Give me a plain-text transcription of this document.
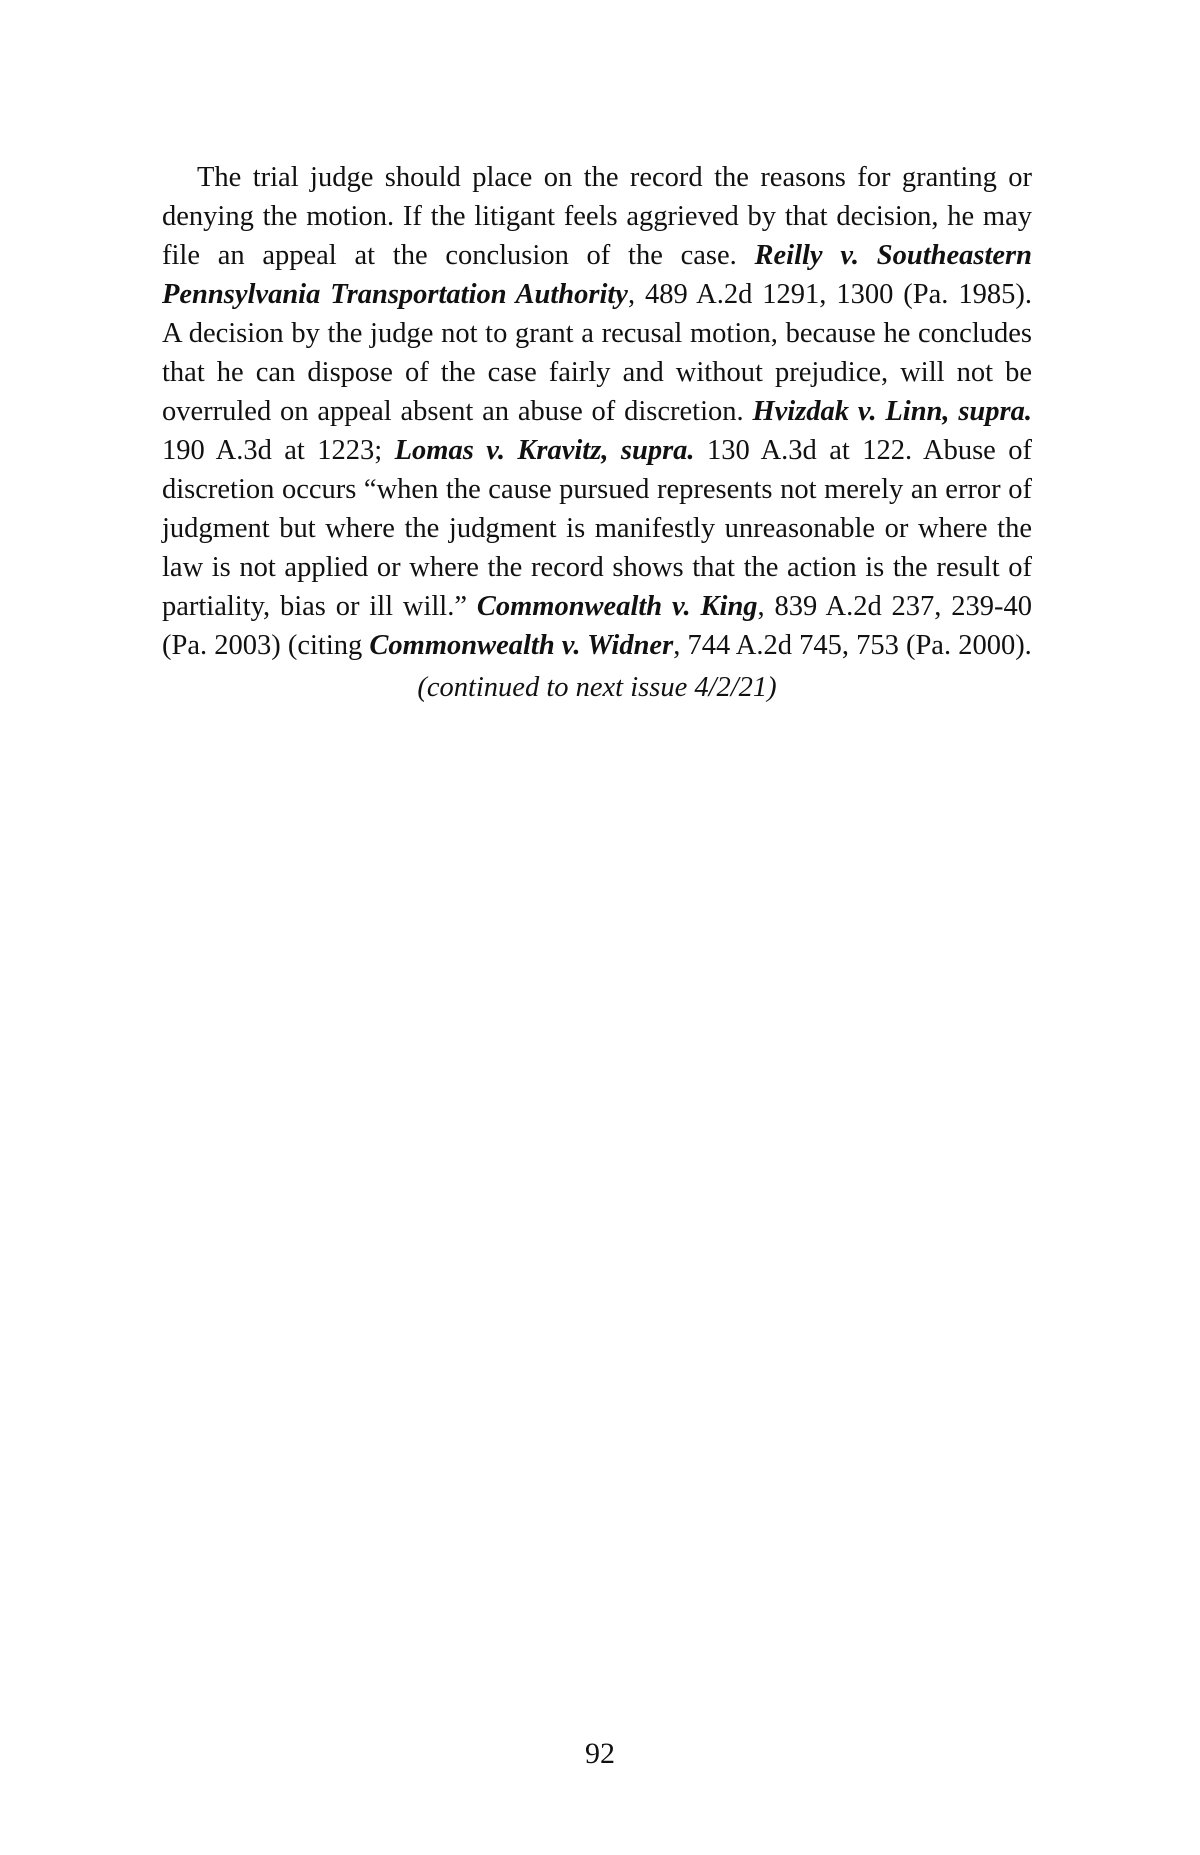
The trial judge should place on the record the reasons for granting or denying the motion. If the litigant feels aggrieved by that decision, he may file an appeal at the conclusion of the case. Reilly v. Southeastern Pennsylvania Transportation Authority, 489 A.2d 1291, 1300 (Pa. 1985). A decision by the judge not to grant a recusal motion, because he concludes that he can dispose of the case fairly and without prejudice, will not be overruled on appeal absent an abuse of discretion. Hvizdak v. Linn, supra. 190 A.3d at 1223; Lomas v. Kravitz, supra. 130 A.3d at 122. Abuse of discretion occurs “when the cause pursued represents not merely an error of judgment but where the judgment is manifestly unreasonable or where the law is not applied or where the record shows that the action is the result of partiality, bias or ill will.” Commonwealth v. King, 839 A.2d 237, 239-40 (Pa. 2003) (citing Commonwealth v. Widner, 744 A.2d 745, 753 (Pa. 2000).

(continued to next issue 4/2/21)

92
